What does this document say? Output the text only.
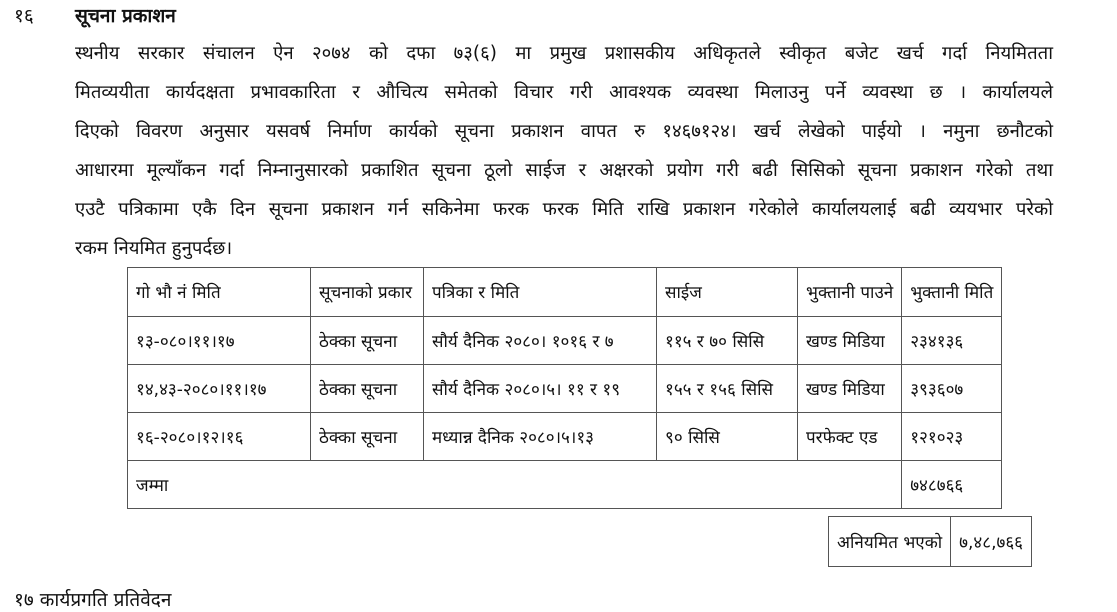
१६ सूचना प्रकाशन

स्थनीय सरकार संचालन ऐन २०७४ को दफा ७३(६) मा प्रमुख प्रशासकीय अधिकृतले स्वीकृत बजेट खर्च गर्दा नियमितता
मितव्ययीता कार्यदक्षता प्रभावकारिता र औचित्य समेतको विचार गरी आवश्यक व्यवस्था मिलाउनु पर्ने व्यवस्था छ । कार्यालयले
दिएको विवरण अनुसार यसवर्ष निर्माण कार्यको सूचना प्रकाशन वापत रु १४६७१२४। खर्च लेखेको पाईयो । नमुना छनौटको
आधारमा मूल्याँकन गर्दा निम्नानुसारको प्रकाशित सूचना ठूलो साईज र अक्षरको प्रयोग गरी बढी सिसिको सूचना प्रकाशन गरेको तथा
एउटै पत्रिकामा एकै दिन सूचना प्रकाशन गर्न सकिनेमा फरक फरक मिति राखि प्रकाशन गरेकोले कार्यालयलाई बढी व्ययभार परेको
रकम नियमित हुनुपर्दछ।

गो भौ नं मिति	सूचनाको प्रकार	पत्रिका र मिति	साईज	भुक्तानी पाउने	भुक्तानी मिति
१३-०८०।११।१७	ठेक्का सूचना	सौर्य दैनिक २०८०। १०१६ र ७	११५ र ७० सिसि	खण्ड मिडिया	२३४१३६
१४,४३-२०८०।११।१७	ठेक्का सूचना	सौर्य दैनिक २०८०।५। ११ र १९	१५५ र १५६ सिसि	खण्ड मिडिया	३९३६०७
१६-२०८०।१२।१६	ठेक्का सूचना	मध्यान्न दैनिक २०८०।५।१३	९० सिसि	परफेक्ट एड	१२१०२३
जम्मा					७४८७६६
अनियमित भएको	७,४८,७६६
१७ कार्यप्रगति प्रतिवेदन
